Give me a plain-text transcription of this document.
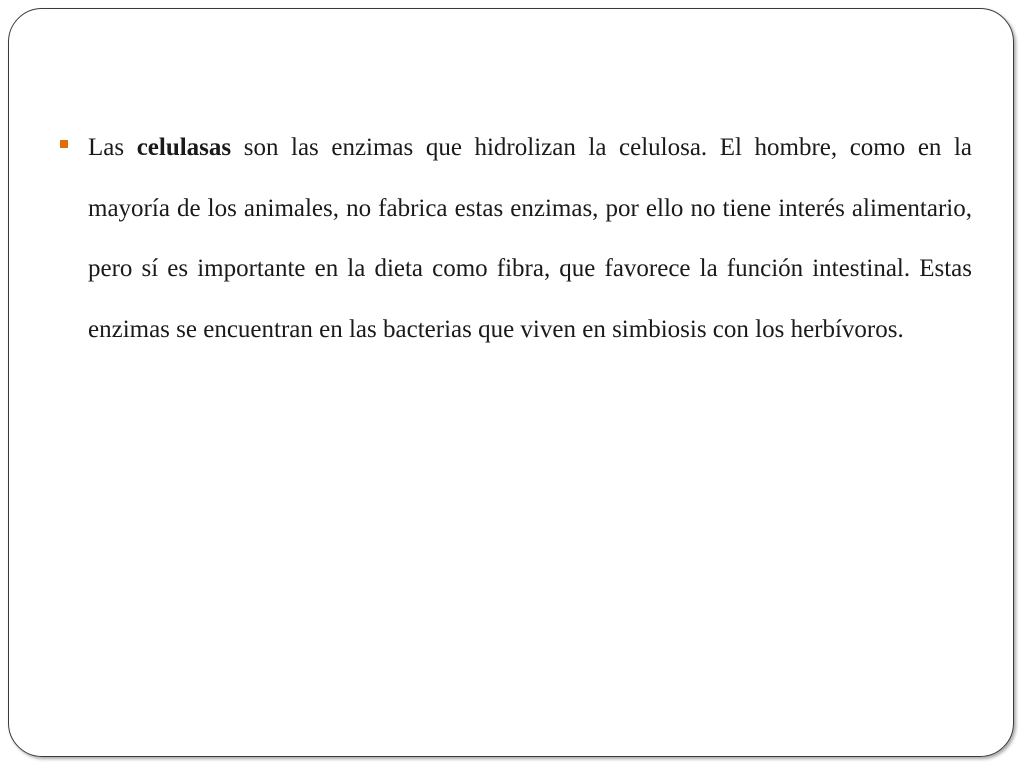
Las celulasas son las enzimas que hidrolizan la celulosa. El hombre, como en la mayoría de los animales, no fabrica estas enzimas, por ello no tiene interés alimentario, pero sí es importante en la dieta como fibra, que favorece la función intestinal. Estas enzimas se encuentran en las bacterias que viven en simbiosis con los herbívoros.
